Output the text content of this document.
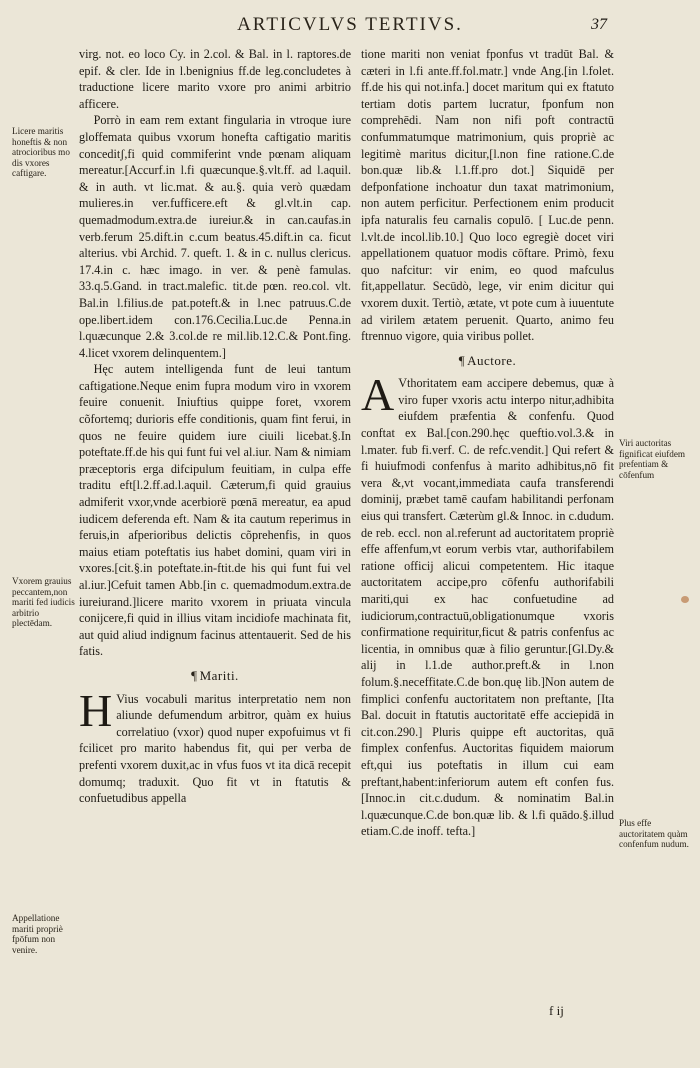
ARTICVLVS TERTIVS.	37

virg. not. eo loco Cy. in 2.col. & Bal. in l. raptores.de epif. & cler. Ide in l.benignius ff.de leg.concludetes à traductione licere marito vxore pro animi arbitrio afficere.

Porrò in eam rem extant fingularia in vtroque iure gloffemata quibus vxorum honefta caftigatio maritis conceditʃ,fi quid commiferint vnde pœnam aliquam mereatur.[Accurf.in l.fi quæcunque.§.vlt.ff. ad l.aquil. & in auth. vt lic.mat. & au.§. quia verò quædam mulieres.in ver.fufficere.eft & gl.vlt.in cap. quemadmodum.extra.de iureiur.& in can.caufas.in verb.ferum 25.dift.in c.cum beatus.45.dift.in ca. ficut alterius. vbi Archid. 7. queft. 1. & in c. nullus clericus. 17.4.in c. hæc imago. in ver. & penè famulas. 33.q.5.Gand. in tract.malefic. tit.de pœn. reo.col. vlt. Bal.in l.filius.de pat.poteft.& in l.nec patruus.C.de ope.libert.idem con.176.Cecilia.Luc.de Penna.in l.quæcunque 2.& 3.col.de re mil.lib.12.C.& Pont.fing. 4.licet vxorem delinquentem.]

Hęc autem intelligenda funt de leui tantum caftigatione.Neque enim fupra modum viro in vxorem feuire conuenit. Iniuftius quippe foret, vxorem cõfortemq; durioris effe conditionis, quam fint ferui, in quos ne feuire quidem iure ciuili licebat.§.In poteftate.ff.de his qui funt fui vel al.iur. Nam & nimiam præceptoris erga difcipulum feuitiam, in culpa effe traditu eft[l.2.ff.ad.l.aquil. Cæterum,fi quid grauius admiferit vxor,vnde acerbiorë pœnā mereatur, ea apud iudicem deferenda eft. Nam & ita cautum reperimus in feruis,in afperioribus delictis cõprehenfis, in quos maius etiam poteftatis ius habet domini, quam viri in vxores.[cit.§.in poteftate.in-ftit.de his qui funt fui vel al.iur.]Cefuit tamen Abb.[in c. quemadmodum.extra.de iureiurand.]licere marito vxorem in priuata vincula conijcere,fi quid in illius vitam incidiofe machinata fit, aut quid aliud indignum facinus attentauerit. Sed de his fatis.

¶ Mariti.

H Vius vocabuli maritus interpretatio nem non aliunde defumendum arbitror, quàm ex huius correlatiuo (vxor) quod nuper expofuimus vt fi fcilicet pro marito habendus fit, qui per verba de prefenti vxorem duxit,ac in vfus fuos vt ita dicā recepit domumq; traduxit. Quo fit vt in ftatutis & confuetudibus appella

tione mariti non veniat fponfus vt tradūt Bal. & cæteri in l.fi ante.ff.fol.matr.] vnde Ang.[in l.folet. ff.de his qui not.infa.] docet maritum qui ex ftatuto tertiam dotis partem lucratur, fponfum non comprehēdi. Nam non nifi poft contractū confummatumque matrimonium, quis propriè ac legitimè maritus dicitur,[l.non fine ratione.C.de bon.quæ lib.& l.1.ff.pro dot.] Siquidē per defponfatione inchoatur dun taxat matrimonium, non autem perficitur. Perfectionem enim producit ipfa naturalis feu carnalis copulō. [ Luc.de penn. l.vlt.de incol.lib.10.] Quo loco egregiè docet viri appellationem quatuor modis cōftare. Primò, fexu quo nafcitur: vir enim, eo quod mafculus fit,appellatur. Secūdò, lege, vir enim dicitur qui vxorem duxit. Tertiò, ætate, vt pote cum à iuuentute ad virilem ætatem peruenit. Quarto, animo feu ftrennuo vigore, quia viribus pollet.

¶ Auctore.

A Vthoritatem eam accipere debemus, quæ à viro fuper vxoris actu interpo nitur,adhibita eiufdem præfentia & confenfu. Quod conftat ex Bal.[con.290.hęc queftio.vol.3.& in l.mater. fub fi.verf. C. de refc.vendit.] Qui refert & fi huiufmodi confenfus à marito adhibitus,nō fit vera &,vt vocant,immediata caufa transferendi dominij, præbet tamē caufam habilitandi perfonam eius qui transfert. Cæterùm gl.& Innoc. in c.dudum. de reb. eccl. non al.referunt ad auctoritatem propriè effe affenfum,vt eorum verbis vtar, authorifabilem ratione officij alicui competentem. Hic itaque auctoritatem accipe,pro cōfenfu authorifabili mariti,qui ex hac confuetudine ad iudiciorum,contractuū,obligationumque vxoris confirmatione requiritur,ficut & patris confenfus ac licentia, in omnibus quæ à filio geruntur.[Gl.Dy.& alij in l.1.de author.preft.& in l.non folum.§.neceffitate.C.de bon.quę lib.]Non autem de fimplici confenfu auctoritatem non preftante, [Ita Bal. docuit in ftatutis auctoritatē effe acciepidā in cit.con.290.] Pluris quippe eft auctoritas, quā fimplex confenfus. Auctoritas fiquidem maiorum eft,qui ius poteftatis in illum cui eam preftant,habent:inferiorum autem eft confen fus.[Innoc.in cit.c.dudum. & nominatim Bal.in l.quæcunque.C.de bon.quæ lib. & l.fi quādo.§.illud etiam.C.de inoff. tefta.]

Licere maritis honeftis & non atrocioribus mo dis vxores caftigare.
Vxorem grauius peccantem,non mariti fed iudicis arbitrio plectēdam.
Appellatione mariti propriè fpōfum non venire.
Viri auctoritas fignificat eiufdem prefentiam & cōfenfum
Plus effe auctoritatem quàm confenfum nudum.
f ij
